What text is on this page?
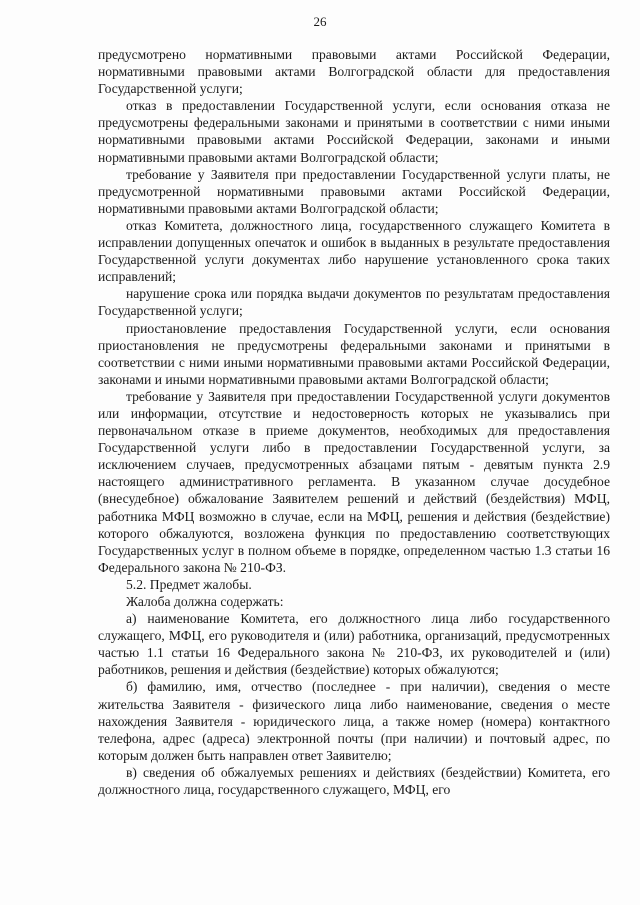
26

предусмотрено нормативными правовыми актами Российской Федерации, нормативными правовыми актами Волгоградской области для предоставления Государственной услуги;

отказ в предоставлении Государственной услуги, если основания отказа не предусмотрены федеральными законами и принятыми в соответствии с ними иными нормативными правовыми актами Российской Федерации, законами и иными нормативными правовыми актами Волгоградской области;

требование у Заявителя при предоставлении Государственной услуги платы, не предусмотренной нормативными правовыми актами Российской Федерации, нормативными правовыми актами Волгоградской области;

отказ Комитета, должностного лица, государственного служащего Комитета в исправлении допущенных опечаток и ошибок в выданных в результате предоставления Государственной услуги документах либо нарушение установленного срока таких исправлений;

нарушение срока или порядка выдачи документов по результатам предоставления Государственной услуги;

приостановление предоставления Государственной услуги, если основания приостановления не предусмотрены федеральными законами и принятыми в соответствии с ними иными нормативными правовыми актами Российской Федерации, законами и иными нормативными правовыми актами Волгоградской области;

требование у Заявителя при предоставлении Государственной услуги документов или информации, отсутствие и недостоверность которых не указывались при первоначальном отказе в приеме документов, необходимых для предоставления Государственной услуги либо в предоставлении Государственной услуги, за исключением случаев, предусмотренных абзацами пятым - девятым пункта 2.9 настоящего административного регламента. В указанном случае досудебное (внесудебное) обжалование Заявителем решений и действий (бездействия) МФЦ, работника МФЦ возможно в случае, если на МФЦ, решения и действия (бездействие) которого обжалуются, возложена функция по предоставлению соответствующих Государственных услуг в полном объеме в порядке, определенном частью 1.3 статьи 16 Федерального закона № 210-ФЗ.

5.2. Предмет жалобы.

Жалоба должна содержать:

а) наименование Комитета, его должностного лица либо государственного служащего, МФЦ, его руководителя и (или) работника, организаций, предусмотренных частью 1.1 статьи 16 Федерального закона № 210-ФЗ, их руководителей и (или) работников, решения и действия (бездействие) которых обжалуются;

б) фамилию, имя, отчество (последнее - при наличии), сведения о месте жительства Заявителя - физического лица либо наименование, сведения о месте нахождения Заявителя - юридического лица, а также номер (номера) контактного телефона, адрес (адреса) электронной почты (при наличии) и почтовый адрес, по которым должен быть направлен ответ Заявителю;

в) сведения об обжалуемых решениях и действиях (бездействии) Комитета, его должностного лица, государственного служащего, МФЦ, его
